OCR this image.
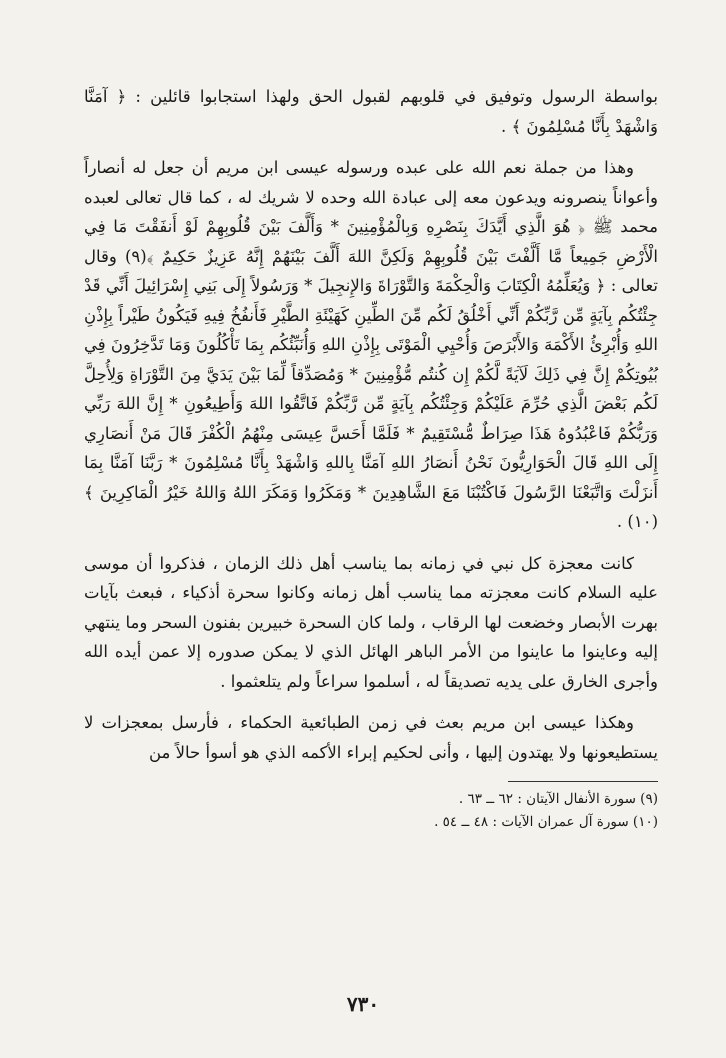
بواسطة الرسول وتوفيق في قلوبهم لقبول الحق ولهذا استجابوا قائلين : ﴿ آمَنَّا وَاشْهَدْ بِأَنَّا مُسْلِمُونَ ﴾ .

وهذا من جملة نعم الله على عبده ورسوله عيسى ابن مريم أن جعل له أنصاراً وأعواناً ينصرونه ويدعون معه إلى عبادة الله وحده لا شريك له ، كما قال تعالى لعبده محمد ﷺ ﴿ هُوَ الَّذِي أَيَّدَكَ بِنَصْرِهِ وَبِالْمُؤْمِنِينَ * وَأَلَّفَ بَيْنَ قُلُوبِهِمْ لَوْ أَنفَقْتَ مَا فِي الْأَرْضِ جَمِيعاً مَّا أَلَّفْتَ بَيْنَ قُلُوبِهِمْ وَلَكِنَّ اللهَ أَلَّفَ بَيْنَهُمْ إِنَّهُ عَزِيزٌ حَكِيمٌ ﴾(٩) وقال تعالى : ﴿ وَيُعَلِّمُهُ الْكِتَابَ وَالْحِكْمَةَ وَالتَّوْرَاةَ وَالإِنجِيلَ * وَرَسُولاً إِلَى بَنِي إِسْرَائِيلَ أَنِّي قَدْ جِئْتُكُم بِآيَةٍ مِّن رَّبِّكُمْ أَنِّي أَخْلُقُ لَكُم مِّنَ الطِّينِ كَهَيْئَةِ الطَّيْرِ فَأَنفُخُ فِيهِ فَيَكُونُ طَيْراً بِإِذْنِ اللهِ وَأُبْرِئُ الأَكْمَهَ وَالأَبْرَصَ وَأُحْيِي الْمَوْتَى بِإِذْنِ اللهِ وَأُنَبِّئُكُم بِمَا تَأْكُلُونَ وَمَا تَدَّخِرُونَ فِي بُيُوتِكُمْ إِنَّ فِي ذَلِكَ لَآيَةً لَّكُمْ إِن كُنتُم مُّؤْمِنِينَ * وَمُصَدِّقاً لِّمَا بَيْنَ يَدَيَّ مِنَ التَّوْرَاةِ وَلِأُحِلَّ لَكُم بَعْضَ الَّذِي حُرِّمَ عَلَيْكُمْ وَجِئْتُكُم بِآيَةٍ مِّن رَّبِّكُمْ فَاتَّقُوا اللهَ وَأَطِيعُونِ * إِنَّ اللهَ رَبِّي وَرَبُّكُمْ فَاعْبُدُوهُ هَذَا صِرَاطٌ مُّسْتَقِيمٌ * فَلَمَّا أَحَسَّ عِيسَى مِنْهُمُ الْكُفْرَ قَالَ مَنْ أَنصَارِي إِلَى اللهِ قَالَ الْحَوَارِيُّونَ نَحْنُ أَنصَارُ اللهِ آمَنَّا بِاللهِ وَاشْهَدْ بِأَنَّا مُسْلِمُونَ * رَبَّنَا آمَنَّا بِمَا أَنزَلْتَ وَاتَّبَعْنَا الرَّسُولَ فَاكْتُبْنَا مَعَ الشَّاهِدِينَ * وَمَكَرُوا وَمَكَرَ اللهُ وَاللهُ خَيْرُ الْمَاكِرِينَ ﴾(١٠) .

كانت معجزة كل نبي في زمانه بما يناسب أهل ذلك الزمان ، فذكروا أن موسى عليه السلام كانت معجزته مما يناسب أهل زمانه وكانوا سحرة أذكياء ، فبعث بآيات بهرت الأبصار وخضعت لها الرقاب ، ولما كان السحرة خبيرين بفنون السحر وما ينتهي إليه وعاينوا ما عاينوا من الأمر الباهر الهائل الذي لا يمكن صدوره إلا عمن أيده الله وأجرى الخارق على يديه تصديقاً له ، أسلموا سراعاً ولم يتلعثموا .

وهكذا عيسى ابن مريم بعث في زمن الطبائعية الحكماء ، فأرسل بمعجزات لا يستطيعونها ولا يهتدون إليها ، وأنى لحكيم إبراء الأكمه الذي هو أسوأ حالاً من

(٩) سورة الأنفال الآيتان : ٦٢ ــ ٦٣ .

(١٠) سورة آل عمران الآيات : ٤٨ ــ ٥٤ .

٧٣٠
